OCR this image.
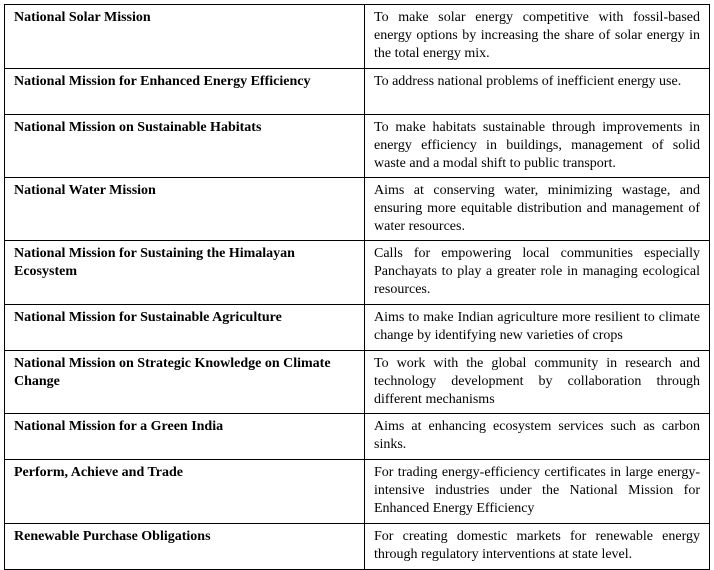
National Solar Mission	To make solar energy competitive with fossil-based energy options by increasing the share of solar energy in the total energy mix.
National Mission for Enhanced Energy Efficiency	To address national problems of inefficient energy use.
National Mission on Sustainable Habitats	To make habitats sustainable through improvements in energy efficiency in buildings, management of solid waste and a modal shift to public transport.
National Water Mission	Aims at conserving water, minimizing wastage, and ensuring more equitable distribution and management of water resources.
National Mission for Sustaining the Himalayan Ecosystem	Calls for empowering local communities especially Panchayats to play a greater role in managing ecological resources.
National Mission for Sustainable Agriculture	Aims to make Indian agriculture more resilient to climate change by identifying new varieties of crops
National Mission on Strategic Knowledge on Climate Change	To work with the global community in research and technology development by collaboration through different mechanisms
National Mission for a Green India	Aims at enhancing ecosystem services such as carbon sinks.
Perform, Achieve and Trade	For trading energy-efficiency certificates in large energy-intensive industries under the National Mission for Enhanced Energy Efficiency
Renewable Purchase Obligations	For creating domestic markets for renewable energy through regulatory interventions at state level.
